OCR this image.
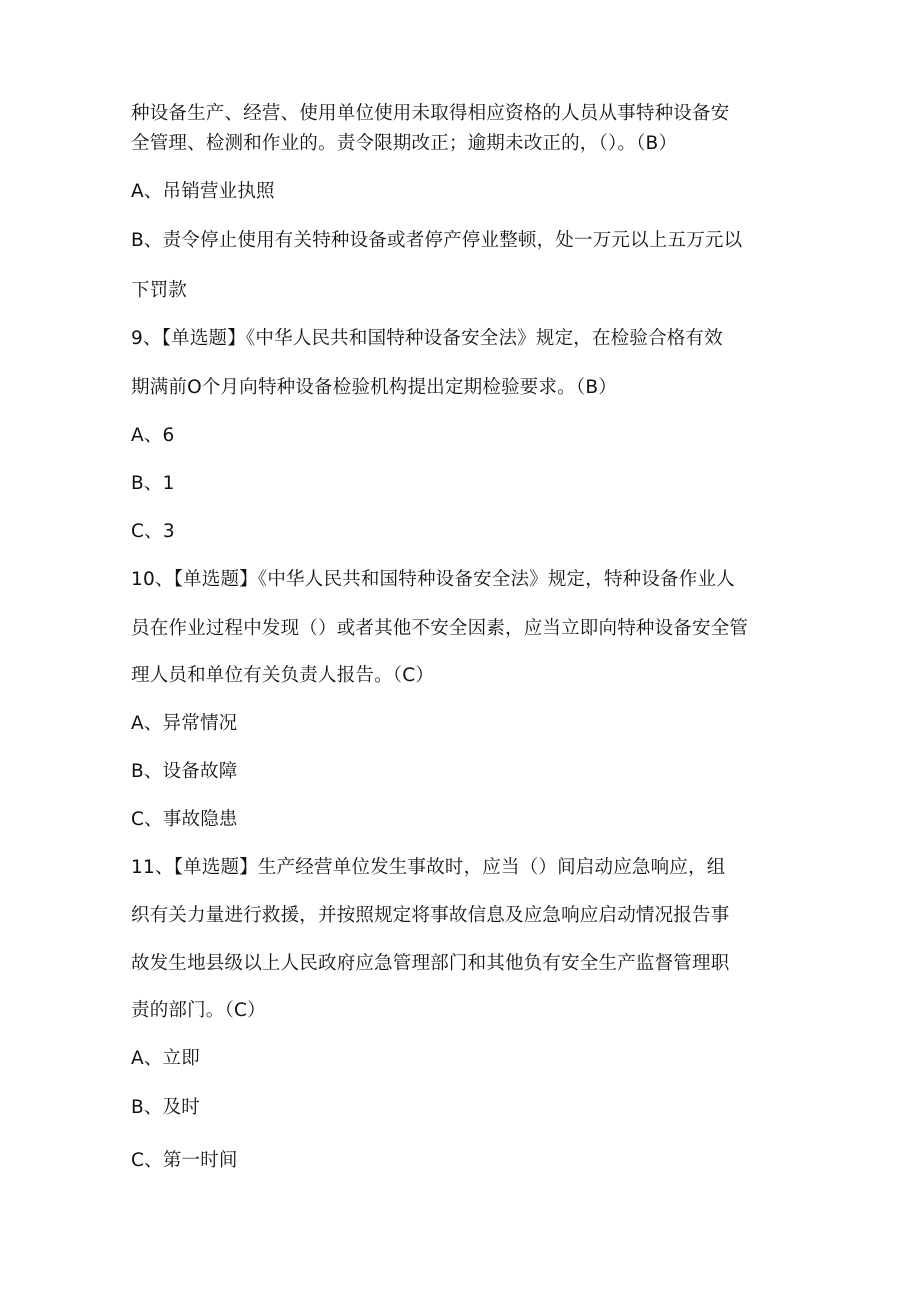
种设备生产、经营、使用单位使用未取得相应资格的人员从事特种设备安
全管理、检测和作业的。责令限期改正；逾期未改正的，（）。（B）
A、吊销营业执照
B、责令停止使用有关特种设备或者停产停业整顿，处一万元以上五万元以
下罚款
9、【单选题】《中华人民共和国特种设备安全法》规定，在检验合格有效
期满前O个月向特种设备检验机构提出定期检验要求。（B）
A、6
B、1
C、3
10、【单选题】《中华人民共和国特种设备安全法》规定，特种设备作业人
员在作业过程中发现（）或者其他不安全因素，应当立即向特种设备安全管
理人员和单位有关负责人报告。（C）
A、异常情况
B、设备故障
C、事故隐患
11、【单选题】生产经营单位发生事故时，应当（）间启动应急响应，组
织有关力量进行救援，并按照规定将事故信息及应急响应启动情况报告事
故发生地县级以上人民政府应急管理部门和其他负有安全生产监督管理职
责的部门。（C）
A、立即
B、及时
C、第一时间
